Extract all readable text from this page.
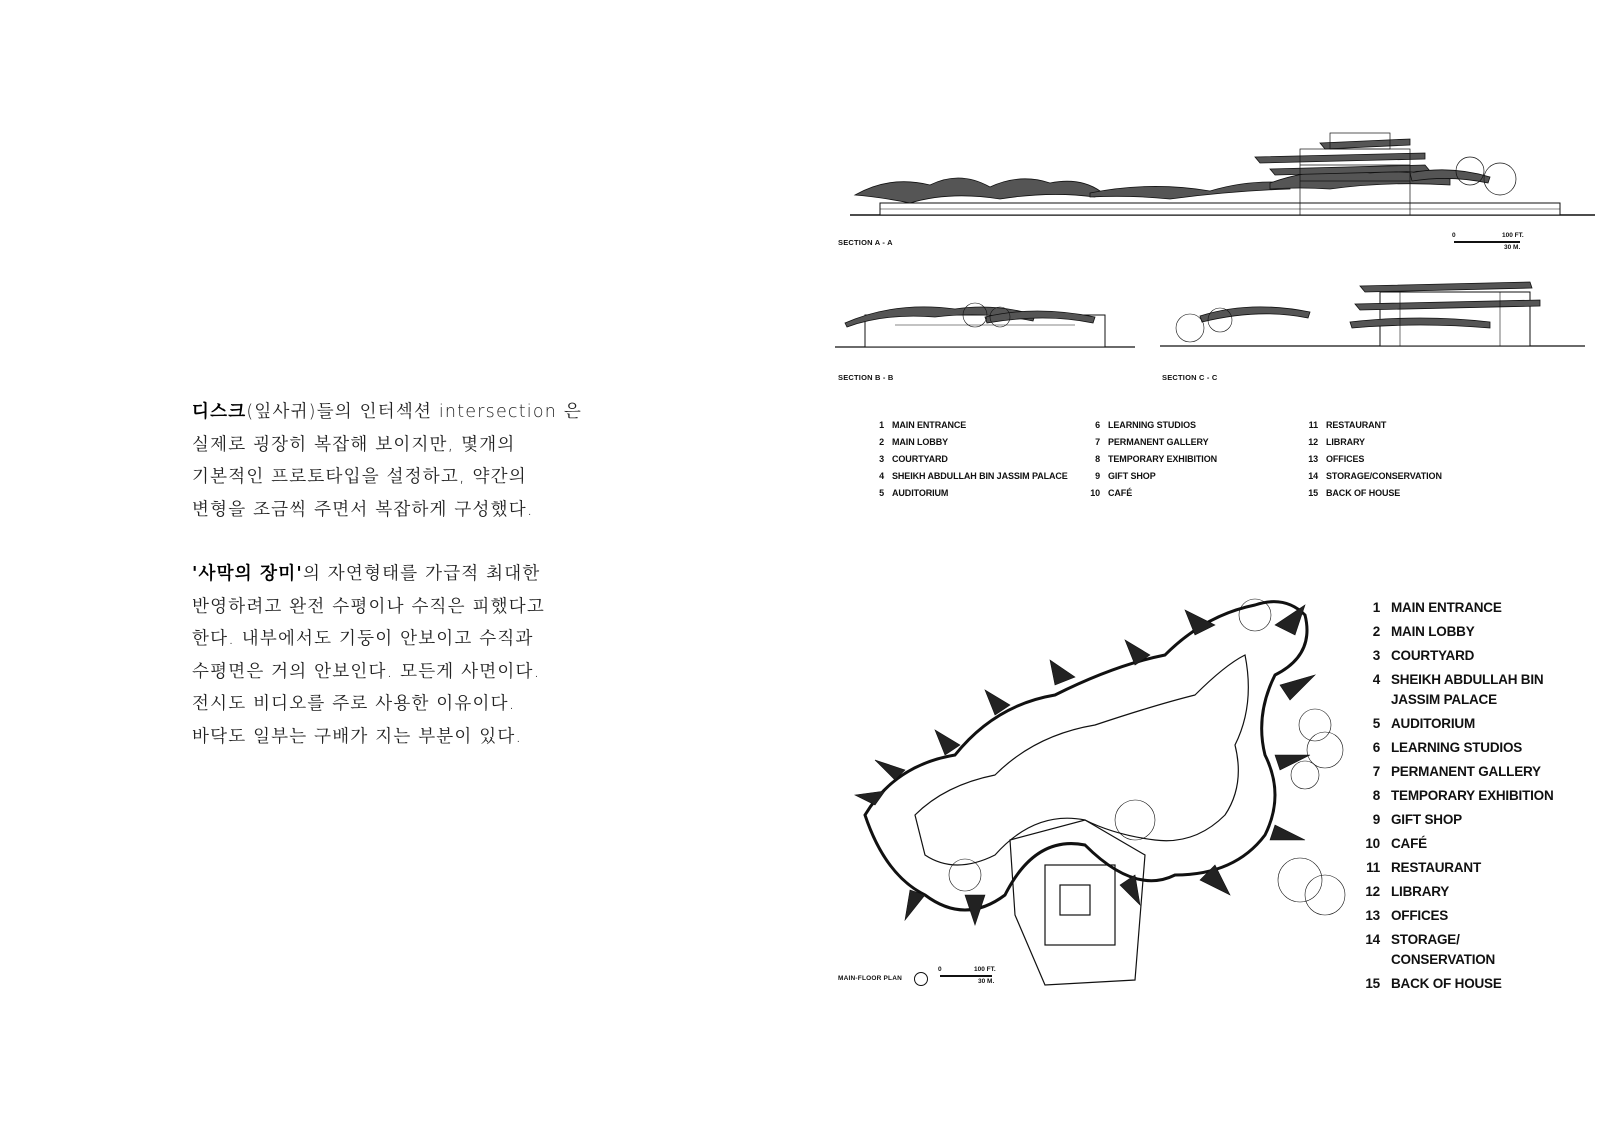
디스크(잎사귀)들의 인터섹션 intersection 은
실제로 굉장히 복잡해 보이지만, 몇개의
기본적인 프로토타입을 설정하고, 약간의
변형을 조금씩 주면서 복잡하게 구성했다.
'사막의 장미'의 자연형태를 가급적 최대한
반영하려고 완전 수평이나 수직은 피했다고
한다. 내부에서도 기둥이 안보이고 수직과
수평면은 거의 안보인다. 모든게 사면이다.
전시도 비디오를 주로 사용한 이유이다.
바닥도 일부는 구배가 지는 부분이 있다.
SECTION A - A
0	100 FT.
30 M.
SECTION B - B	SECTION C - C
1 MAIN ENTRANCE
2 MAIN LOBBY
3 COURTYARD
4 SHEIKH ABDULLAH BIN JASSIM PALACE
5 AUDITORIUM
6 LEARNING STUDIOS
7 PERMANENT GALLERY
8 TEMPORARY EXHIBITION
9 GIFT SHOP
10 CAFÉ
11 RESTAURANT
12 LIBRARY
13 OFFICES
14 STORAGE/CONSERVATION
15 BACK OF HOUSE
MAIN-FLOOR PLAN
0	100 FT.
30 M.
1 MAIN ENTRANCE
2 MAIN LOBBY
3 COURTYARD
4 SHEIKH ABDULLAH BIN
JASSIM PALACE
5 AUDITORIUM
6 LEARNING STUDIOS
7 PERMANENT GALLERY
8 TEMPORARY EXHIBITION
9 GIFT SHOP
10 CAFÉ
11 RESTAURANT
12 LIBRARY
13 OFFICES
14 STORAGE/
CONSERVATION
15 BACK OF HOUSE
